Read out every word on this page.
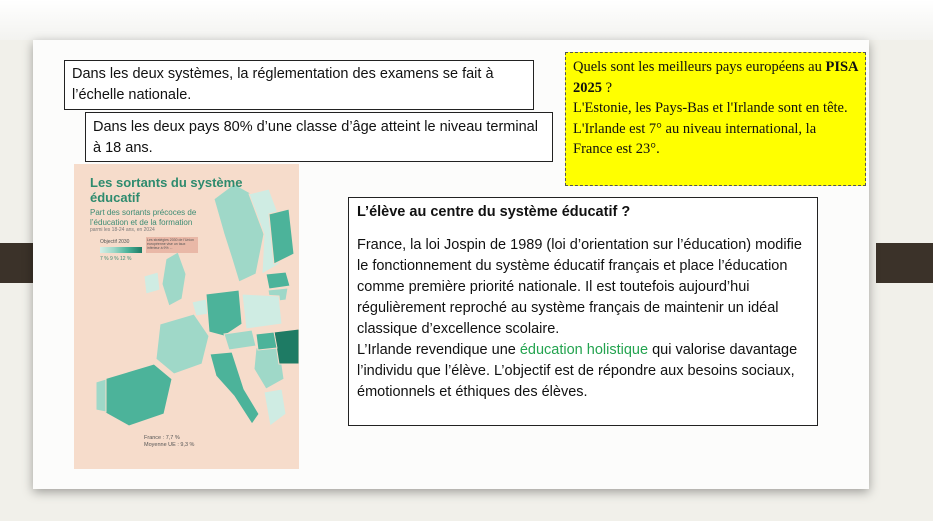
Dans les deux systèmes, la réglementation des examens se fait à l’échelle nationale.
Dans les deux pays 80% d’une classe d’âge atteint le niveau terminal à 18 ans.

Quels sont les meilleurs pays européens au PISA 2025 ?

L'Estonie, les Pays-Bas et l'Irlande sont en tête.

L'Irlande est 7° au niveau international, la France est 23°.

L’élève au centre du système éducatif ?

France, la loi Jospin de 1989 (loi d’orientation sur l’éducation) modifie le fonctionnement du système éducatif français et place l’éducation comme première priorité nationale. Il est toutefois aujourd’hui régulièrement reproché au système français de maintenir un idéal classique d’excellence scolaire.

L’Irlande revendique une éducation holistique qui valorise davantage l’individu que l’élève. L’objectif est de répondre aux besoins sociaux, émotionnels et éthiques des élèves.

Les sortants du système éducatif
Part des sortants précoces de l’éducation et de la formation
parmi les 18-24 ans, en 2024
Objectif 2030	Les stratégies 2030 de l'Union européenne vise un taux inférieur à 9% ...
7 % 9 % 12 %
France : 7,7 %
Moyenne UE : 9,3 %
